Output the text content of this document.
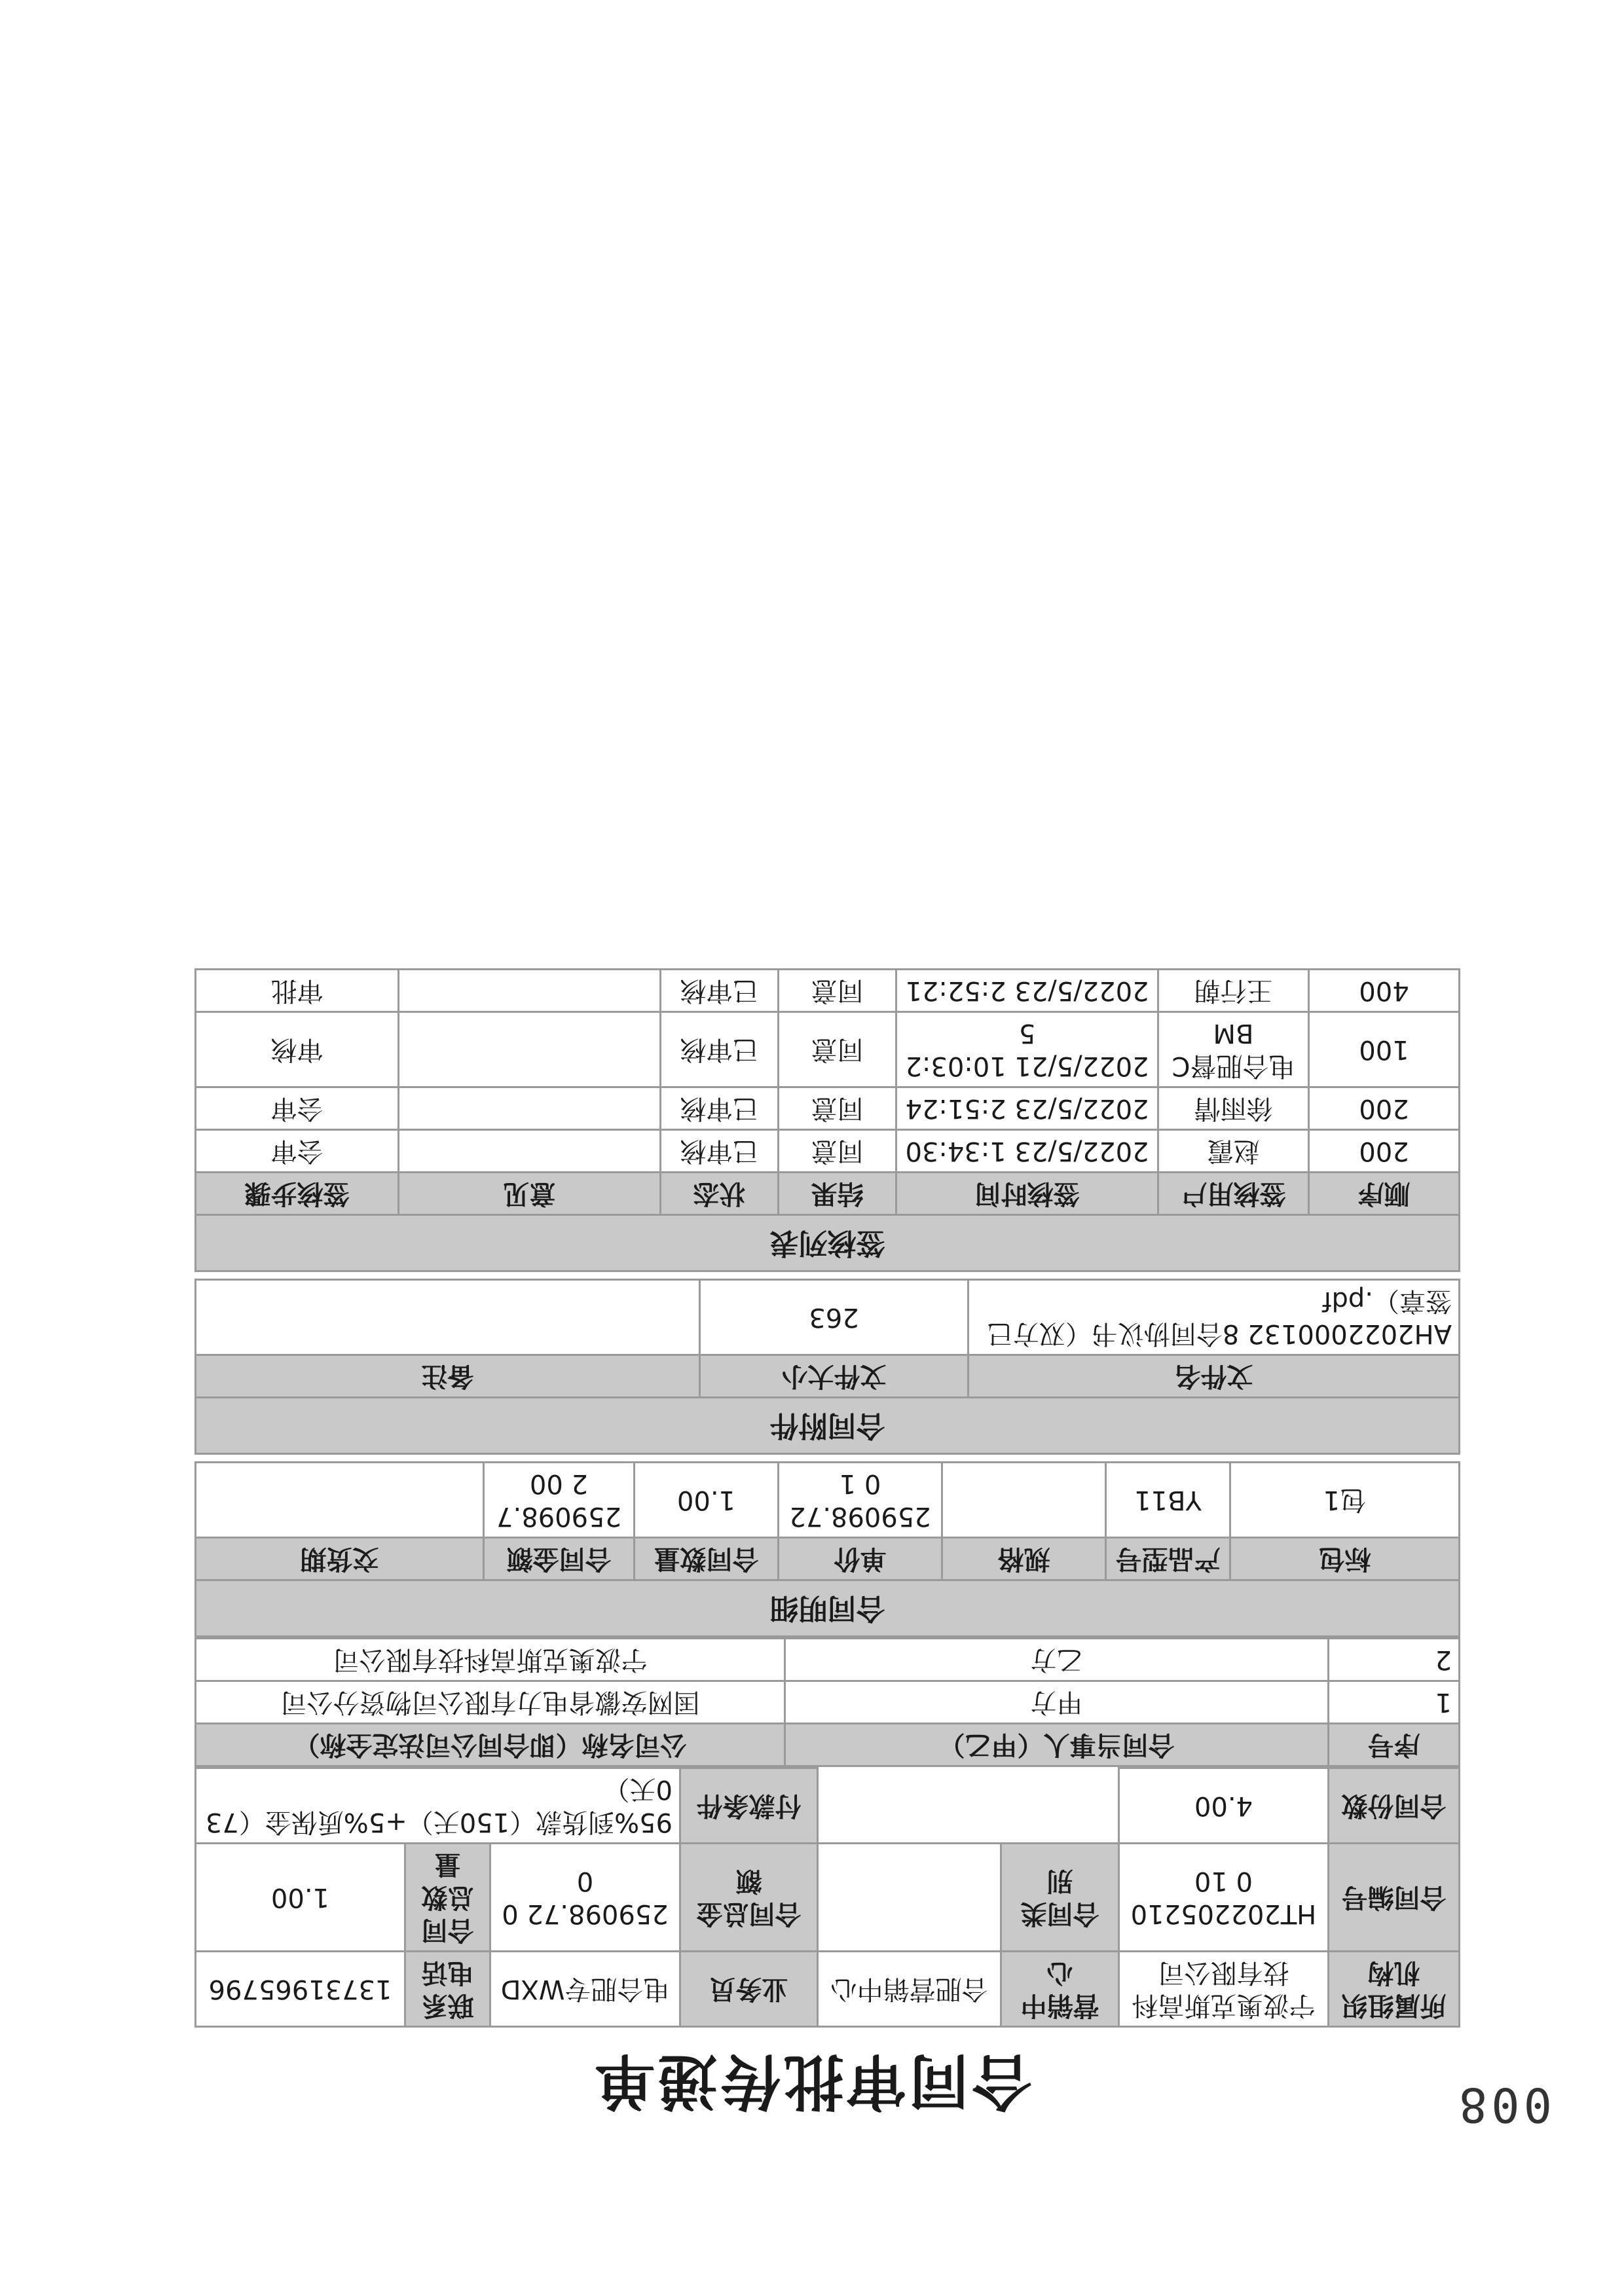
008
合同审批传递单
所属组织机构	宁波奥克斯高科技有限公司	营销中心	合肥营销中心	业务员	电合肥专WXD	联系电话	13731965796
合同编号	HT2022052100 10	合同类别		合同总金额	259098.72 00	合同总数量	1.00
合同份数	4.00			付款条件	95%到货款（150天）+5%质保金（730天）		
序号	合同当事人（甲乙）	公司名称（即合同公司法定全称）
1	甲方	国网安徽省电力有限公司物资分公司
2	乙方	宁波奥克斯高科技有限公司
合同明细						
标包	产品型号	规格	单价	合同数量	合同金额	交货期
包1	YB11		259098.720 1	1.00	259098.72 00	
合同附件		
文件名	文件大小	备注
AH2022000132 8合同协议书（双方已签章）.pdf	263	
签核列表						
顺序	签核用户	签核时间	结果	状态	意见	签核步骤
200	赵霞	2022/5/23 1:34:30	同意	已审核		会审
200	徐雨情	2022/5/23 2:51:24	同意	已审核		会审
100	电合肥督CBM	2022/5/21 10:03:25	同意	已审核		审核
400	王行朝	2022/5/23 2:52:21	同意	已审核		审批
